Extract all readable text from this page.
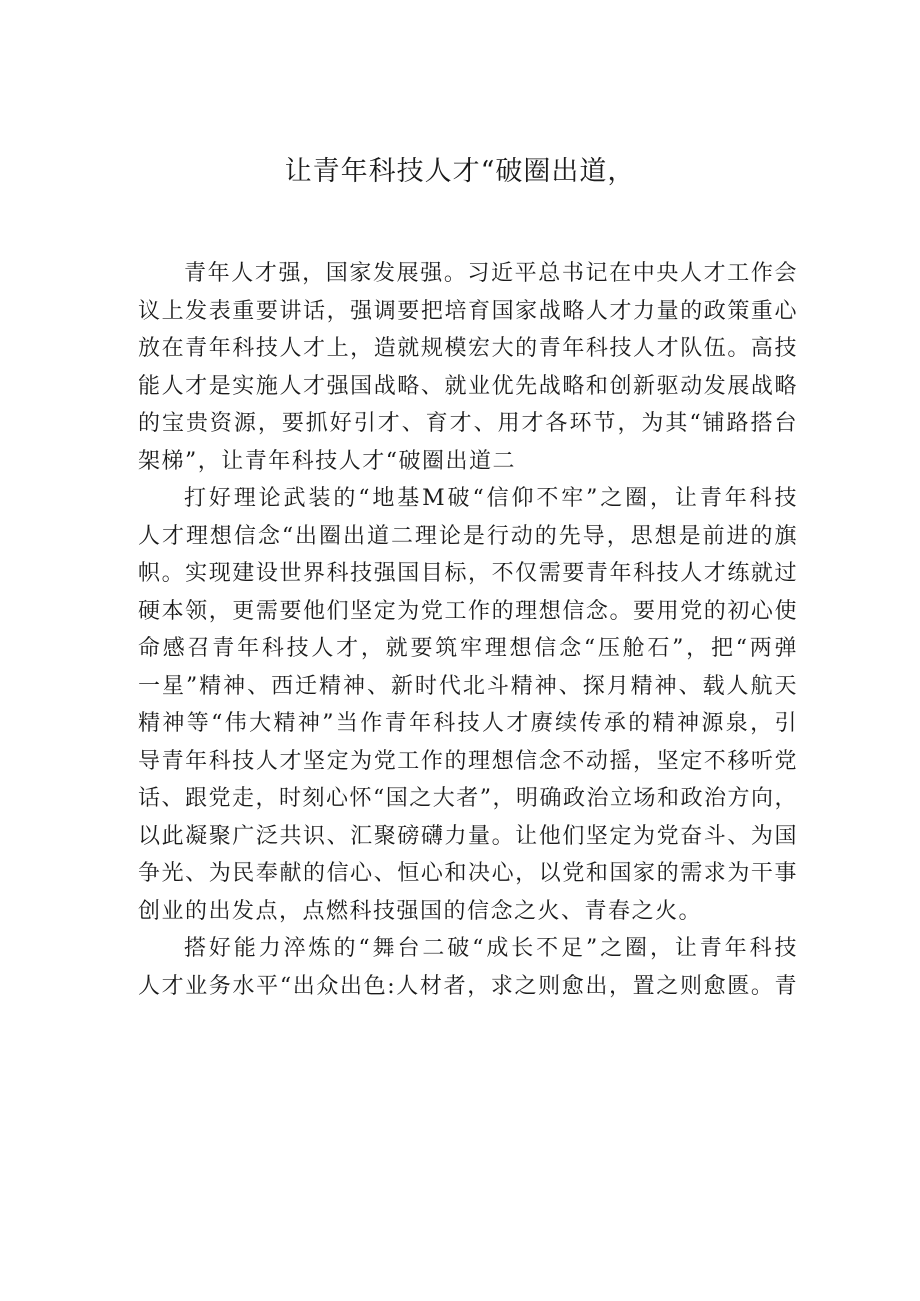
让青年科技人才“破圈出道，
青年人才强，国家发展强。习近平总书记在中央人才工作会
议上发表重要讲话，强调要把培育国家战略人才力量的政策重心
放在青年科技人才上，造就规模宏大的青年科技人才队伍。高技
能人才是实施人才强国战略、就业优先战略和创新驱动发展战略
的宝贵资源，要抓好引才、育才、用才各环节，为其“铺路搭台
架梯”，让青年科技人才“破圈出道二
打好理论武装的“地基M破“信仰不牢”之圈，让青年科技
人才理想信念“出圈出道二理论是行动的先导，思想是前进的旗
帜。实现建设世界科技强国目标，不仅需要青年科技人才练就过
硬本领，更需要他们坚定为党工作的理想信念。要用党的初心使
命感召青年科技人才，就要筑牢理想信念“压舱石”，把“两弹
一星”精神、西迁精神、新时代北斗精神、探月精神、载人航天
精神等“伟大精神”当作青年科技人才赓续传承的精神源泉，引
导青年科技人才坚定为党工作的理想信念不动摇，坚定不移听党
话、跟党走，时刻心怀“国之大者”，明确政治立场和政治方向，
以此凝聚广泛共识、汇聚磅礴力量。让他们坚定为党奋斗、为国
争光、为民奉献的信心、恒心和决心，以党和国家的需求为干事
创业的出发点，点燃科技强国的信念之火、青春之火。
搭好能力淬炼的“舞台二破“成长不足”之圈，让青年科技
人才业务水平“出众出色:人材者，求之则愈出，置之则愈匮。青
